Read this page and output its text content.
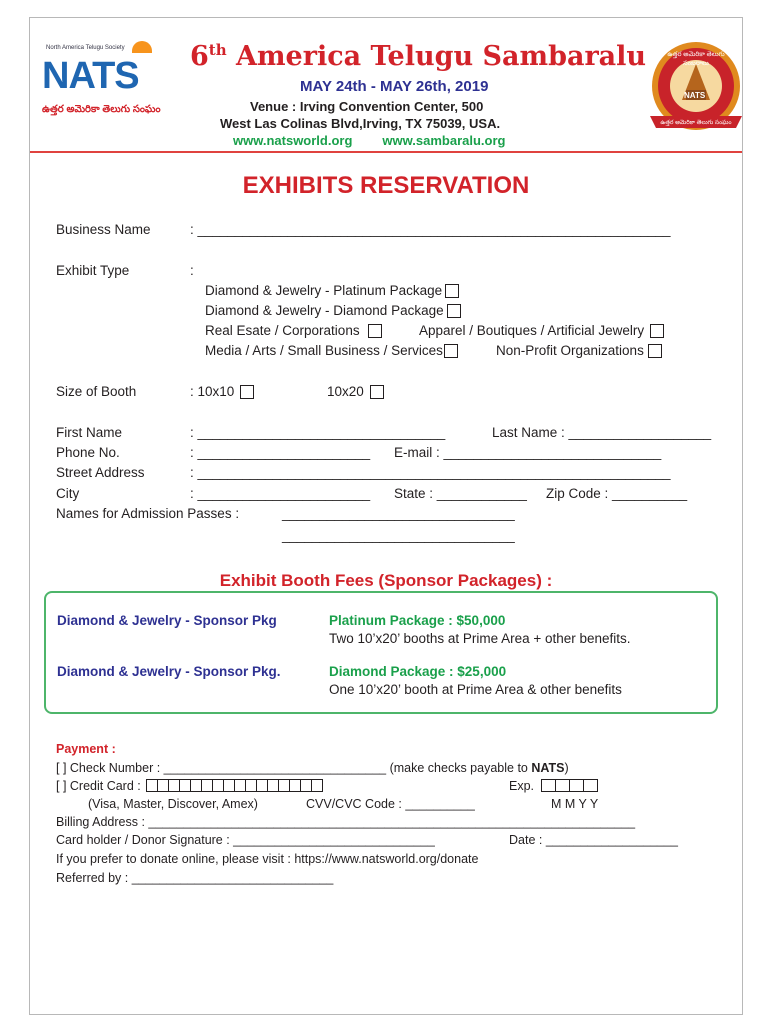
North America Telugu Society
NATS
ఉత్తర అమెరికా తెలుగు సంఘం
6th America Telugu Sambaralu
MAY 24th - MAY 26th, 2019
Venue : Irving Convention Center, 500
West Las Colinas Blvd,Irving, TX 75039, USA.
www.natsworld.org www.sambaralu.org
ఉత్తర అమెరికా తెలుగు సంబరాలు
NATS
ఉత్తర అమెరికా తెలుగు సంఘం
EXHIBITS RESERVATION
Business Name	: _______________________________________________________________
Exhibit Type	:
Diamond & Jewelry - Platinum Package
Diamond & Jewelry - Diamond Package
Real Esate / Corporations	Apparel / Boutiques / Artificial Jewelry
Media / Arts / Small Business / Services	Non-Profit Organizations
Size of Booth	: 10x10	10x20
First Name	: _________________________________	Last Name : ___________________
Phone No.	: _______________________ E-mail : _____________________________
Street Address	: _______________________________________________________________
City	: _______________________ State : ____________ Zip Code : __________
Names for Admission Passes :	_______________________________
_______________________________
Exhibit Booth Fees (Sponsor Packages) :
Diamond & Jewelry - Sponsor Pkg	Platinum Package : $50,000
Two 10’x20’ booths at Prime Area + other benefits.
Diamond & Jewelry - Sponsor Pkg.	Diamond Package : $25,000
One 10’x20’ booth at Prime Area & other benefits
Payment :
[ ] Check Number : ________________________________ (make checks payable to NATS)
[ ] Credit Card :	Exp.
(Visa, Master, Discover, Amex)	CVV/CVC Code : __________	M M Y Y
Billing Address : ______________________________________________________________________
Card holder / Donor Signature : _____________________________	Date : ___________________
If you prefer to donate online, please visit : https://www.natsworld.org/donate
Referred by : _____________________________
